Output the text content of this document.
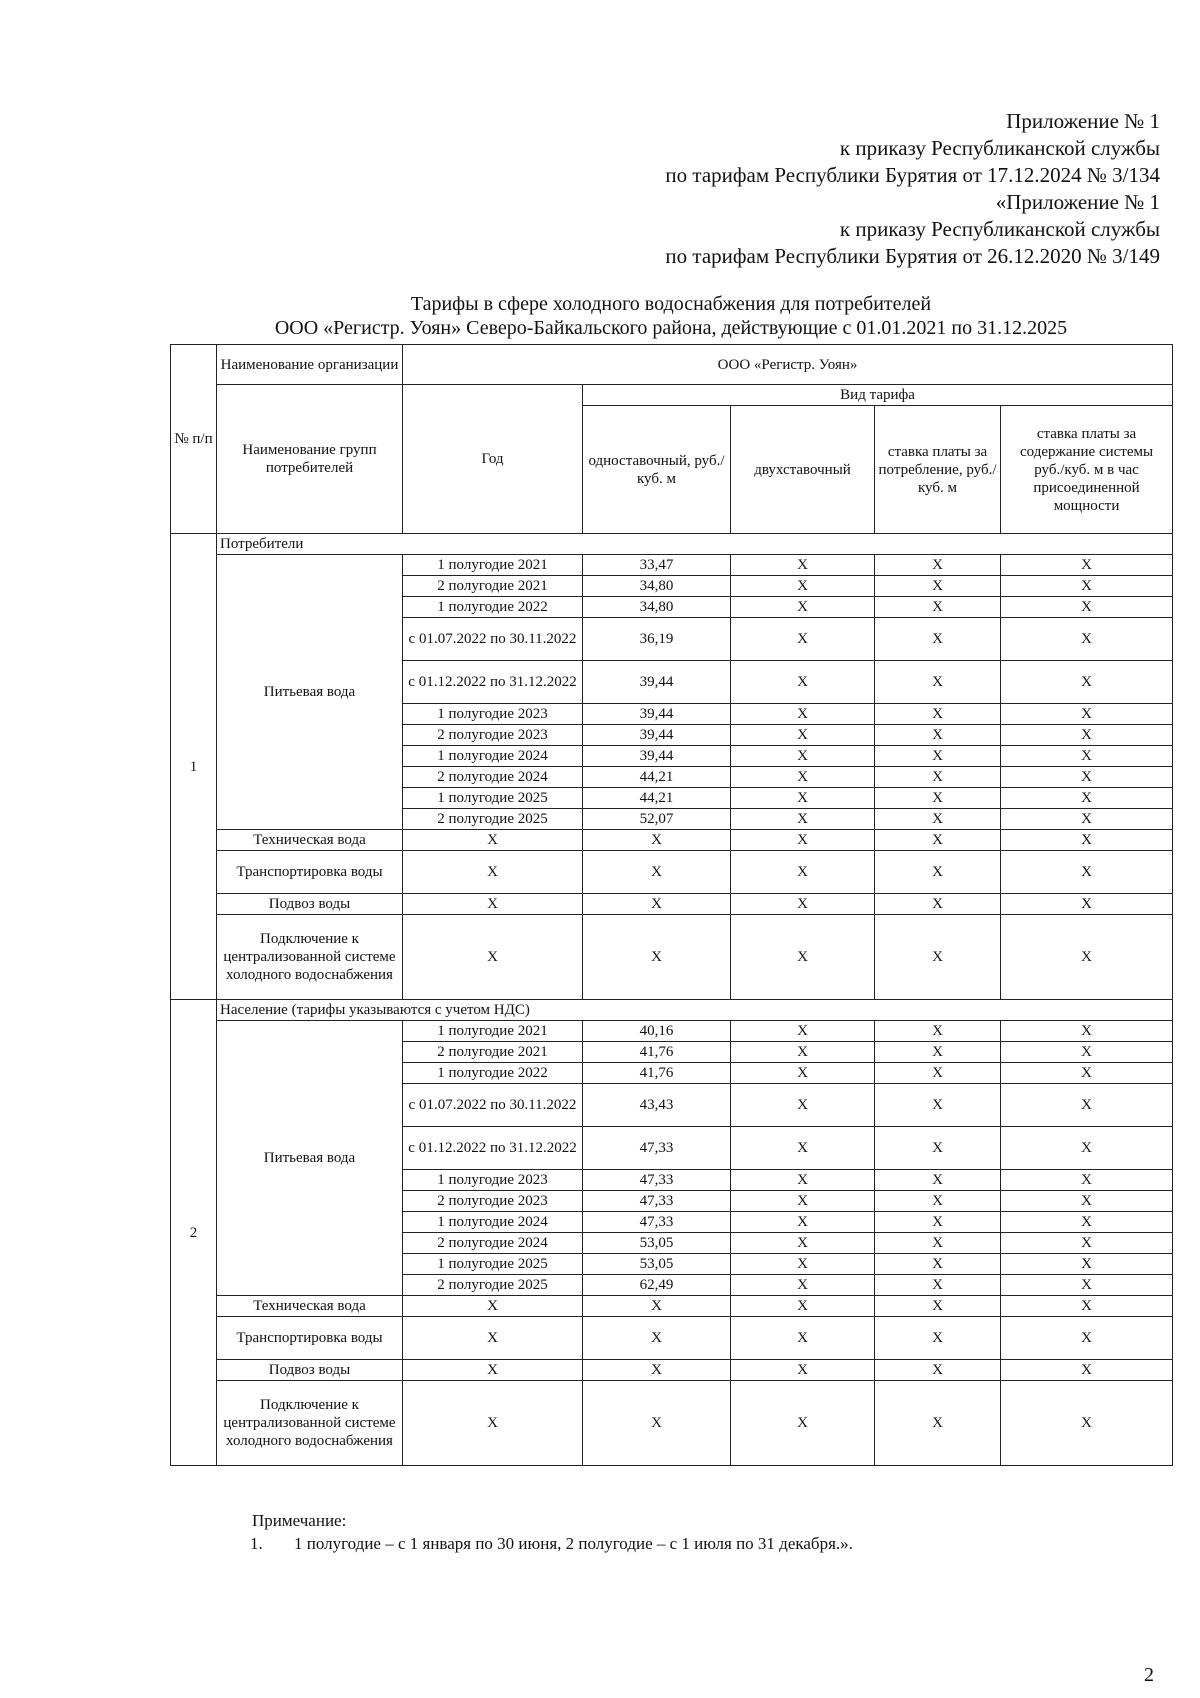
Приложение № 1
к приказу Республиканской службы
по тарифам Республики Бурятия от 17.12.2024 № 3/134
«Приложение № 1
к приказу Республиканской службы
по тарифам Республики Бурятия от 26.12.2020 № 3/149
Тарифы в сфере холодного водоснабжения для потребителей
ООО «Регистр. Уоян» Северо-Байкальского района, действующие с 01.01.2021 по 31.12.2025
№ п/п	Наименование организации	ООО «Регистр. Уоян»				
	Наименование групп потребителей	Год	Вид тарифа			
			одноставочный, руб./ куб. м	двухставочный	ставка платы за потребление, руб./ куб. м	ставка платы за содержание системы руб./куб. м в час присоединенной мощности
1	Потребители					
	Питьевая вода	1 полугодие 2021	33,47	X	X	X
		2 полугодие 2021	34,80	X	X	X
		1 полугодие 2022	34,80	X	X	X
		с 01.07.2022 по 30.11.2022	36,19	X	X	X
		с 01.12.2022 по 31.12.2022	39,44	X	X	X
		1 полугодие 2023	39,44	X	X	X
		2 полугодие 2023	39,44	X	X	X
		1 полугодие 2024	39,44	X	X	X
		2 полугодие 2024	44,21	X	X	X
		1 полугодие 2025	44,21	X	X	X
		2 полугодие 2025	52,07	X	X	X
	Техническая вода	X	X	X	X	X
	Транспортировка воды	X	X	X	X	X
	Подвоз воды	X	X	X	X	X
	Подключение к централизованной системе холодного водоснабжения	X	X	X	X	X
2	Население (тарифы указываются с учетом НДС)					
	Питьевая вода	1 полугодие 2021	40,16	X	X	X
		2 полугодие 2021	41,76	X	X	X
		1 полугодие 2022	41,76	X	X	X
		с 01.07.2022 по 30.11.2022	43,43	X	X	X
		с 01.12.2022 по 31.12.2022	47,33	X	X	X
		1 полугодие 2023	47,33	X	X	X
		2 полугодие 2023	47,33	X	X	X
		1 полугодие 2024	47,33	X	X	X
		2 полугодие 2024	53,05	X	X	X
		1 полугодие 2025	53,05	X	X	X
		2 полугодие 2025	62,49	X	X	X
	Техническая вода	X	X	X	X	X
	Транспортировка воды	X	X	X	X	X
	Подвоз воды	X	X	X	X	X
	Подключение к централизованной системе холодного водоснабжения	X	X	X	X	X
Примечание:
1. 1 полугодие – с 1 января по 30 июня, 2 полугодие – с 1 июля по 31 декабря.».
2
